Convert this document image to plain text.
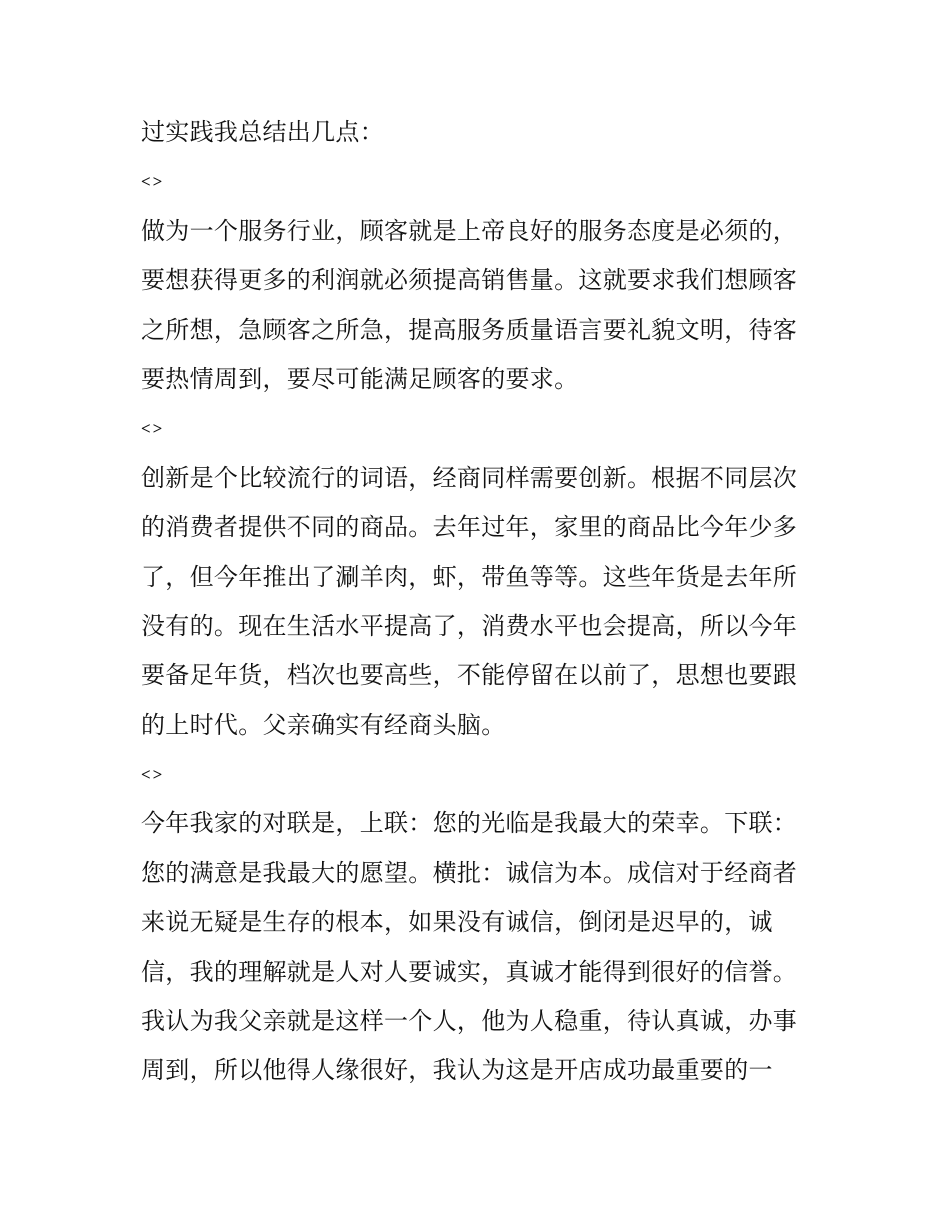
过实践我总结出几点：
<>
做为一个服务行业，顾客就是上帝良好的服务态度是必须的，
要想获得更多的利润就必须提高销售量。这就要求我们想顾客
之所想，急顾客之所急，提高服务质量语言要礼貌文明，待客
要热情周到，要尽可能满足顾客的要求。
<>
创新是个比较流行的词语，经商同样需要创新。根据不同层次
的消费者提供不同的商品。去年过年，家里的商品比今年少多
了，但今年推出了涮羊肉，虾，带鱼等等。这些年货是去年所
没有的。现在生活水平提高了，消费水平也会提高，所以今年
要备足年货，档次也要高些，不能停留在以前了，思想也要跟
的上时代。父亲确实有经商头脑。
<>
今年我家的对联是，上联：您的光临是我最大的荣幸。下联：
您的满意是我最大的愿望。横批：诚信为本。成信对于经商者
来说无疑是生存的根本，如果没有诚信，倒闭是迟早的，诚
信，我的理解就是人对人要诚实，真诚才能得到很好的信誉。
我认为我父亲就是这样一个人，他为人稳重，待认真诚，办事
周到，所以他得人缘很好，我认为这是开店成功最重要的一
